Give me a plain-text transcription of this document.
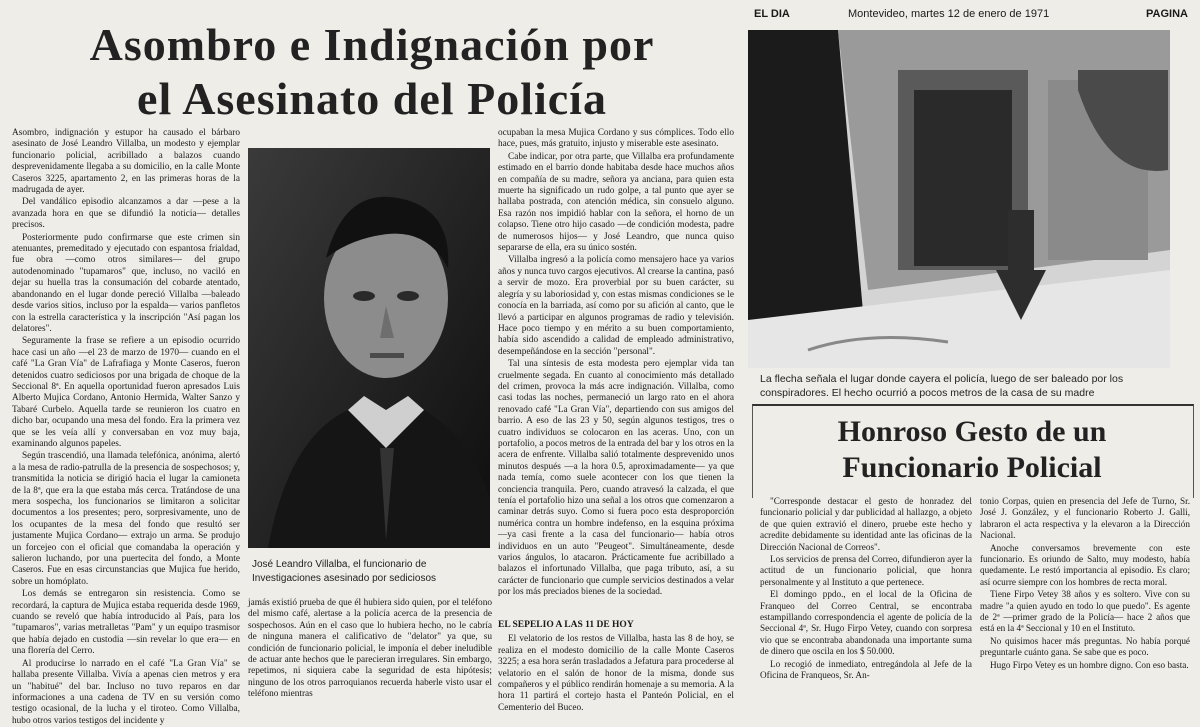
Asombro e Indignación por
el Asesinato del Policía

Asombro, indignación y estupor ha causado el bárbaro asesinato de José Leandro Villalba, un modesto y ejemplar funcionario policial, acribillado a balazos cuando desprevenidamente llegaba a su domicilio, en la calle Monte Caseros 3225, apartamento 2, en las primeras horas de la madrugada de ayer.

Del vandálico episodio alcanzamos a dar —pese a la avanzada hora en que se difundió la noticia— detalles precisos.

Posteriormente pudo confirmarse que este crimen sin atenuantes, premeditado y ejecutado con espantosa frialdad, fue obra —como otros similares— del grupo autodenominado "tupamaros" que, incluso, no vaciló en dejar su huella tras la consumación del cobarde atentado, abandonando en el lugar donde pereció Villalba —baleado desde varios sitios, incluso por la espalda— varios panfletos con la estrella característica y la inscripción "Así pagan los delatores".

Seguramente la frase se refiere a un episodio ocurrido hace casi un año —el 23 de marzo de 1970— cuando en el café "La Gran Vía" de Lafrafiaga y Monte Caseros, fueron detenidos cuatro sediciosos por una brigada de choque de la Seccional 8ª. En aquella oportunidad fueron apresados Luis Alberto Mujica Cordano, Antonio Hermida, Walter Sanzo y Tabaré Curbelo. Aquella tarde se reunieron los cuatro en dicho bar, ocupando una mesa del fondo. Era la primera vez que se les veía allí y conversaban en voz muy baja, examinando algunos papeles.

Según trascendió, una llamada telefónica, anónima, alertó a la mesa de radio-patrulla de la presencia de sospechosos; y, transmitida la noticia se dirigió hacia el lugar la camioneta de la 8ª, que era la que estaba más cerca. Tratándose de una mera sospecha, los funcionarios se limitaron a solicitar documentos a los presentes; pero, sorpresivamente, uno de los ocupantes de la mesa del fondo que resultó ser justamente Mujica Cordano— extrajo un arma. Se produjo un forcejeo con el oficial que comandaba la operación y salieron luchando, por una puertecita del fondo, a Monte Caseros. Fue en esas circunstancias que Mujica fue herido, sobre un homóplato.

Los demás se entregaron sin resistencia. Como se recordará, la captura de Mujica estaba requerida desde 1969, cuando se reveló que había introducido al País, para los "tupamaros", varias metralletas "Pam" y un equipo trasmisor que había dejado en custodia —sin revelar lo que era— en una florería del Cerro.

Al producirse lo narrado en el café "La Gran Vía" se hallaba presente Villalba. Vivía a apenas cien metros y era un "habitué" del bar. Incluso no tuvo reparos en dar informaciones a una cadena de TV en su versión como testigo ocasional, de la lucha y el tiroteo. Como Villalba, hubo otros varios testigos del incidente y

José Leandro Villalba, el funcionario de Investigaciones asesinado por sediciosos

jamás existió prueba de que él hubiera sido quien, por el teléfono del mismo café, alertase a la policía acerca de la presencia de sospechosos. Aún en el caso que lo hubiera hecho, no le cabría de ninguna manera el calificativo de "delator" ya que, su condición de funcionario policial, le imponía el deber ineludible de actuar ante hechos que le parecieran irregulares. Sin embargo, repetimos, ni siquiera cabe la seguridad de esta hipótesis; ninguno de los otros parroquianos recuerda haberle visto usar el teléfono mientras

ocupaban la mesa Mujica Cordano y sus cómplices. Todo ello hace, pues, más gratuito, injusto y miserable este asesinato.

Cabe indicar, por otra parte, que Villalba era profundamente estimado en el barrio donde habitaba desde hace muchos años en compañía de su madre, señora ya anciana, para quien esta muerte ha significado un rudo golpe, a tal punto que ayer se hallaba postrada, con atención médica, sin consuelo alguno. Esa razón nos impidió hablar con la señora, el horno de un colapso. Tiene otro hijo casado —de condición modesta, padre de numerosos hijos— y José Leandro, que nunca quiso separarse de ella, era su único sostén.

Villalba ingresó a la policía como mensajero hace ya varios años y nunca tuvo cargos ejecutivos. Al crearse la cantina, pasó a servir de mozo. Era proverbial por su buen carácter, su alegría y su laboriosidad y, con estas mismas condiciones se le conocía en la barriada, así como por su afición al canto, que le llevó a participar en algunos programas de radio y televisión. Hace poco tiempo y en mérito a su buen comportamiento, había sido ascendido a calidad de empleado administrativo, desempeñándose en la sección "personal".

Tal una síntesis de esta modesta pero ejemplar vida tan cruelmente segada. En cuanto al conocimiento más detallado del crimen, provoca la más acre indignación. Villalba, como casi todas las noches, permaneció un largo rato en el ahora renovado café "La Gran Vía", departiendo con sus amigos del barrio. A eso de las 23 y 50, según algunos testigos, tres o cuatro individuos se colocaron en las aceras. Uno, con un portafolio, a pocos metros de la entrada del bar y los otros en la acera de enfrente. Villalba salió totalmente desprevenido unos minutos después —a la hora 0.5, aproximadamente— ya que nada temía, como suele acontecer con los que tienen la conciencia tranquila. Pero, cuando atravesó la calzada, el que tenía el portafolio hizo una señal a los otros que comenzaron a caminar detrás suyo. Como si fuera poco esta desproporción numérica contra un hombre indefenso, en la esquina próxima —ya casi frente a la casa del funcionario— había otros individuos en un auto "Peugeot". Simultáneamente, desde varios ángulos, lo atacaron. Prácticamente fue acribillado a balazos el infortunado Villalba, que paga tributo, así, a su carácter de funcionario que cumple servicios destinados a velar por los más preciados bienes de la sociedad.

EL SEPELIO A LAS 11 DE HOY

El velatorio de los restos de Villalba, hasta las 8 de hoy, se realiza en el modesto domicilio de la calle Monte Caseros 3225; a esa hora serán trasladados a Jefatura para procederse al velatorio en el salón de honor de la misma, donde sus compañeros y el público rendirán homenaje a su memoria. A la hora 11 partirá el cortejo hasta el Panteón Policial, en el Cementerio del Buceo.

EL DIA	Montevideo, martes 12 de enero de 1971	PAGINA
La flecha señala el lugar donde cayera el policía, luego de ser baleado por los conspiradores. El hecho ocurrió a pocos metros de la casa de su madre
Honroso Gesto de un
Funcionario Policial

"Corresponde destacar el gesto de honradez del funcionario policial y dar publicidad al hallazgo, a objeto de que quien extravió el dinero, pruebe este hecho y acredite debidamente su identidad ante las oficinas de la Dirección Nacional de Correos".

Los servicios de prensa del Correo, difundieron ayer la actitud de un funcionario policial, que honra personalmente y al Instituto a que pertenece.

El domingo ppdo., en el local de la Oficina de Franqueo del Correo Central, se encontraba estampillando correspondencia el agente de policía de la Seccional 4ª, Sr. Hugo Firpo Vetey, cuando con sorpresa vio que se encontraba abandonada una importante suma de dinero que oscila en los $ 50.000.

Lo recogió de inmediato, entregándola al Jefe de la Oficina de Franqueos, Sr. An-

tonio Corpas, quien en presencia del Jefe de Turno, Sr. José J. González, y el funcionario Roberto J. Galli, labraron el acta respectiva y la elevaron a la Dirección Nacional.

Anoche conversamos brevemente con este funcionario. Es oriundo de Salto, muy modesto, había quedamente. Le restó importancia al episodio. Es claro; así ocurre siempre con los hombres de recta moral.

Tiene Firpo Vetey 38 años y es soltero. Vive con su madre "a quien ayudo en todo lo que puedo". Es agente de 2ª —primer grado de la Policía— hace 2 años que está en la 4ª Seccional y 10 en el Instituto.

No quisimos hacer más preguntas. No había porqué preguntarle cuánto gana. Se sabe que es poco.

Hugo Firpo Vetey es un hombre digno. Con eso basta.
